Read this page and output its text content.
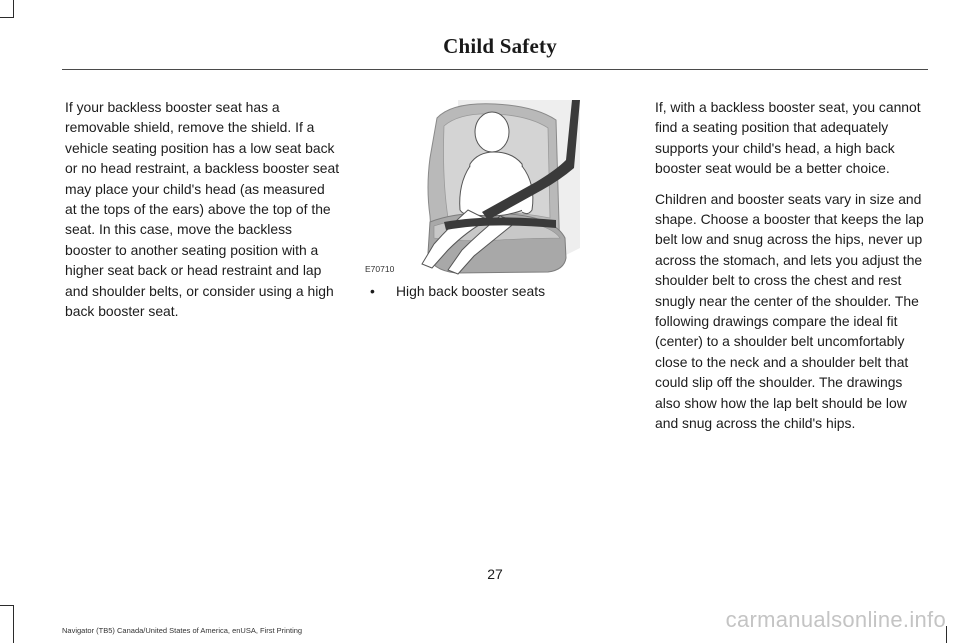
Child Safety

If your backless booster seat has a removable shield, remove the shield. If a vehicle seating position has a low seat back or no head restraint, a backless booster seat may place your child's head (as measured at the tops of the ears) above the top of the seat. In this case, move the backless booster to another seating position with a higher seat back or head restraint and lap and shoulder belts, or consider using a high back booster seat.

E70710
• High back booster seats

If, with a backless booster seat, you cannot find a seating position that adequately supports your child's head, a high back booster seat would be a better choice.

Children and booster seats vary in size and shape. Choose a booster that keeps the lap belt low and snug across the hips, never up across the stomach, and lets you adjust the shoulder belt to cross the chest and rest snugly near the center of the shoulder. The following drawings compare the ideal fit (center) to a shoulder belt uncomfortably close to the neck and a shoulder belt that could slip off the shoulder. The drawings also show how the lap belt should be low and snug across the child's hips.

27
Navigator (TB5) Canada/United States of America, enUSA, First Printing	carmanualsonline.info
